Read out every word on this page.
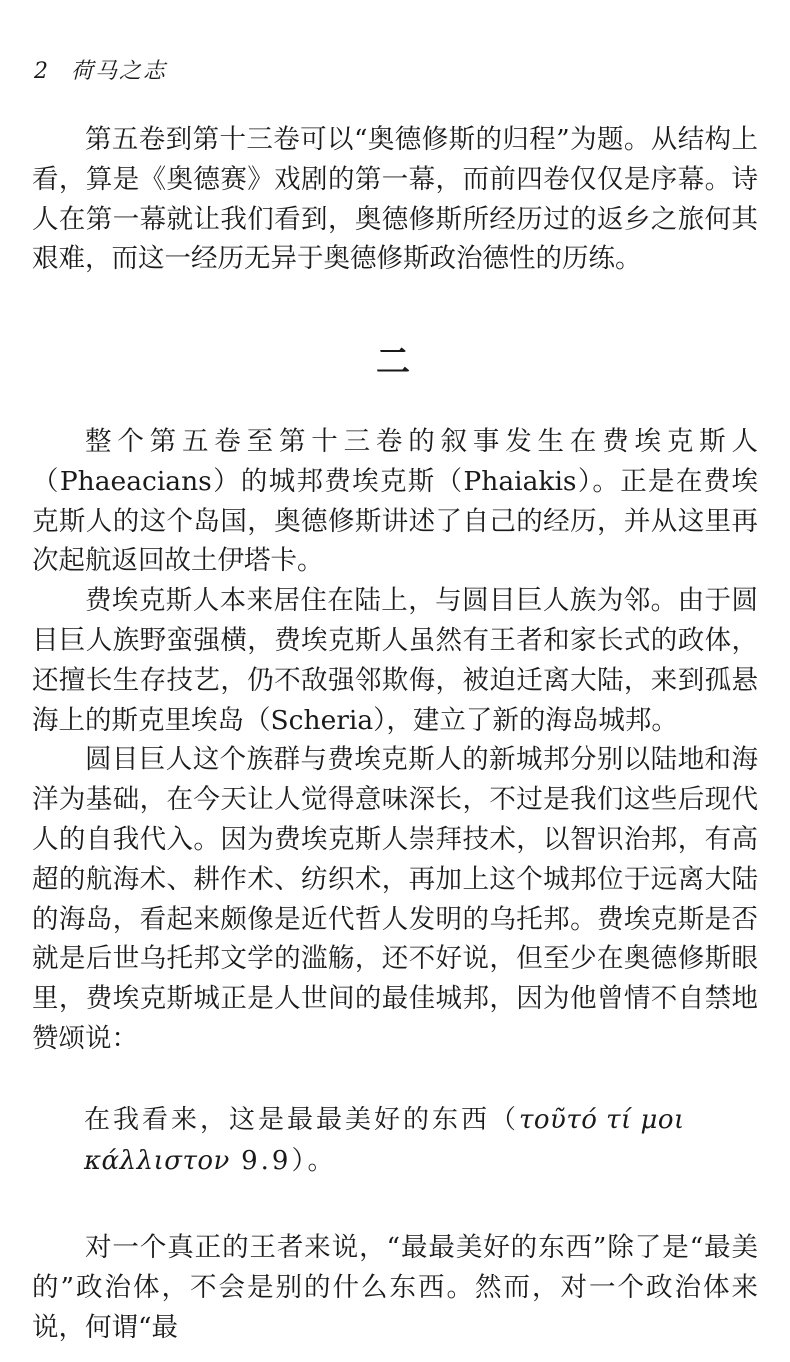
2 荷马之志

第五卷到第十三卷可以“奥德修斯的归程”为题。从结构上看，算是《奥德赛》戏剧的第一幕，而前四卷仅仅是序幕。诗人在第一幕就让我们看到，奥德修斯所经历过的返乡之旅何其艰难，而这一经历无异于奥德修斯政治德性的历练。

二

整个第五卷至第十三卷的叙事发生在费埃克斯人（Phaeacians）的城邦费埃克斯（Phaiakis）。正是在费埃克斯人的这个岛国，奥德修斯讲述了自己的经历，并从这里再次起航返回故土伊塔卡。

费埃克斯人本来居住在陆上，与圆目巨人族为邻。由于圆目巨人族野蛮强横，费埃克斯人虽然有王者和家长式的政体，还擅长生存技艺，仍不敌强邻欺侮，被迫迁离大陆，来到孤悬海上的斯克里埃岛（Scheria），建立了新的海岛城邦。

圆目巨人这个族群与费埃克斯人的新城邦分别以陆地和海洋为基础，在今天让人觉得意味深长，不过是我们这些后现代人的自我代入。因为费埃克斯人崇拜技术，以智识治邦，有高超的航海术、耕作术、纺织术，再加上这个城邦位于远离大陆的海岛，看起来颇像是近代哲人发明的乌托邦。费埃克斯是否就是后世乌托邦文学的滥觞，还不好说，但至少在奥德修斯眼里，费埃克斯城正是人世间的最佳城邦，因为他曾情不自禁地赞颂说：

在我看来，这是最最美好的东西（τοῦτό τί μοι κάλλιστον 9.9）。

对一个真正的王者来说，“最最美好的东西”除了是“最美的”政治体，不会是别的什么东西。然而，对一个政治体来说，何谓“最
